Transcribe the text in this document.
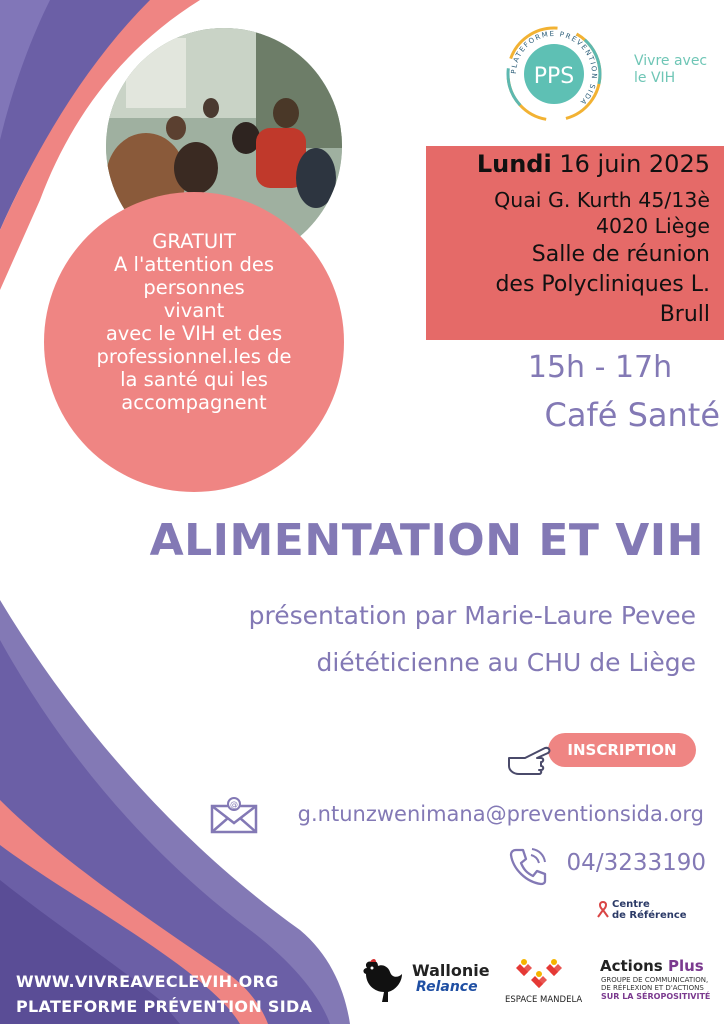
GRATUIT
A l'attention des
personnes
vivant
avec le VIH et des
professionnel.les de
la santé qui les
accompagnent
PPS
PLATEFORME PRÉVENTION SIDA
Vivre avec
le VIH
Lundi 16 juin 2025
Quai G. Kurth 45/13è
4020 Liège
Salle de réunion
des Polycliniques L.
Brull
15h - 17h
Café Santé
ALIMENTATION ET VIH
présentation par Marie-Laure Pevee
diététicienne au CHU de Liège
INSCRIPTION
@	g.ntunzwenimana@preventionsida.org
04/3233190
Centre
de Référence
WWW.VIVREAVECLEVIH.ORG
PLATEFORME PRÉVENTION SIDA
Wallonie
Relance
ESPACE MANDELA
Actions Plus
GROUPE DE COMMUNICATION,
DE RÉFLEXION ET D'ACTIONS
SUR LA SÉROPOSITIVITÉ
